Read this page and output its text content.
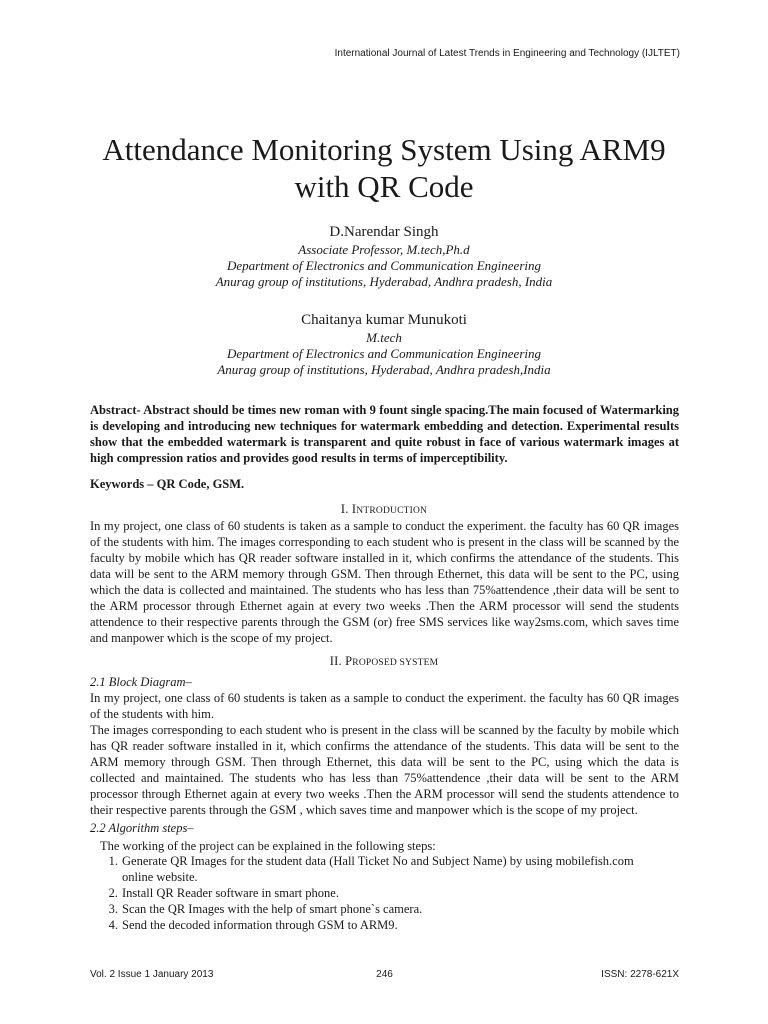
International Journal of Latest Trends in Engineering and Technology (IJLTET)
Attendance Monitoring System Using ARM9
with QR Code
D.Narendar Singh
Associate Professor, M.tech,Ph.d
Department of Electronics and Communication Engineering
Anurag group of institutions, Hyderabad, Andhra pradesh, India
Chaitanya kumar Munukoti
M.tech
Department of Electronics and Communication Engineering
Anurag group of institutions, Hyderabad, Andhra pradesh,India
Abstract- Abstract should be times new roman with 9 fount single spacing.The main focused of Watermarking is developing and introducing new techniques for watermark embedding and detection. Experimental results show that the embedded watermark is transparent and quite robust in face of various watermark images at high compression ratios and provides good results in terms of imperceptibility.
Keywords – QR Code, GSM.
I. INTRODUCTION
In my project, one class of 60 students is taken as a sample to conduct the experiment. the faculty has 60 QR images of the students with him. The images corresponding to each student who is present in the class will be scanned by the faculty by mobile which has QR reader software installed in it, which confirms the attendance of the students. This data will be sent to the ARM memory through GSM. Then through Ethernet, this data will be sent to the PC, using which the data is collected and maintained. The students who has less than 75%attendence ,their data will be sent to the ARM processor through Ethernet again at every two weeks .Then the ARM processor will send the students attendence to their respective parents through the GSM (or) free SMS services like way2sms.com, which saves time and manpower which is the scope of my project.
II. PROPOSED SYSTEM
2.1 Block Diagram–
In my project, one class of 60 students is taken as a sample to conduct the experiment. the faculty has 60 QR images of the students with him.
The images corresponding to each student who is present in the class will be scanned by the faculty by mobile which has QR reader software installed in it, which confirms the attendance of the students. This data will be sent to the ARM memory through GSM. Then through Ethernet, this data will be sent to the PC, using which the data is collected and maintained. The students who has less than 75%attendence ,their data will be sent to the ARM processor through Ethernet again at every two weeks .Then the ARM processor will send the students attendence to their respective parents through the GSM , which saves time and manpower which is the scope of my project.
2.2 Algorithm steps–
The working of the project can be explained in the following steps:
1. Generate QR Images for the student data (Hall Ticket No and Subject Name) by using mobilefish.com online website.
2. Install QR Reader software in smart phone.
3. Scan the QR Images with the help of smart phone`s camera.
4. Send the decoded information through GSM to ARM9.
Vol. 2 Issue 1 January 2013	246	ISSN: 2278-621X
